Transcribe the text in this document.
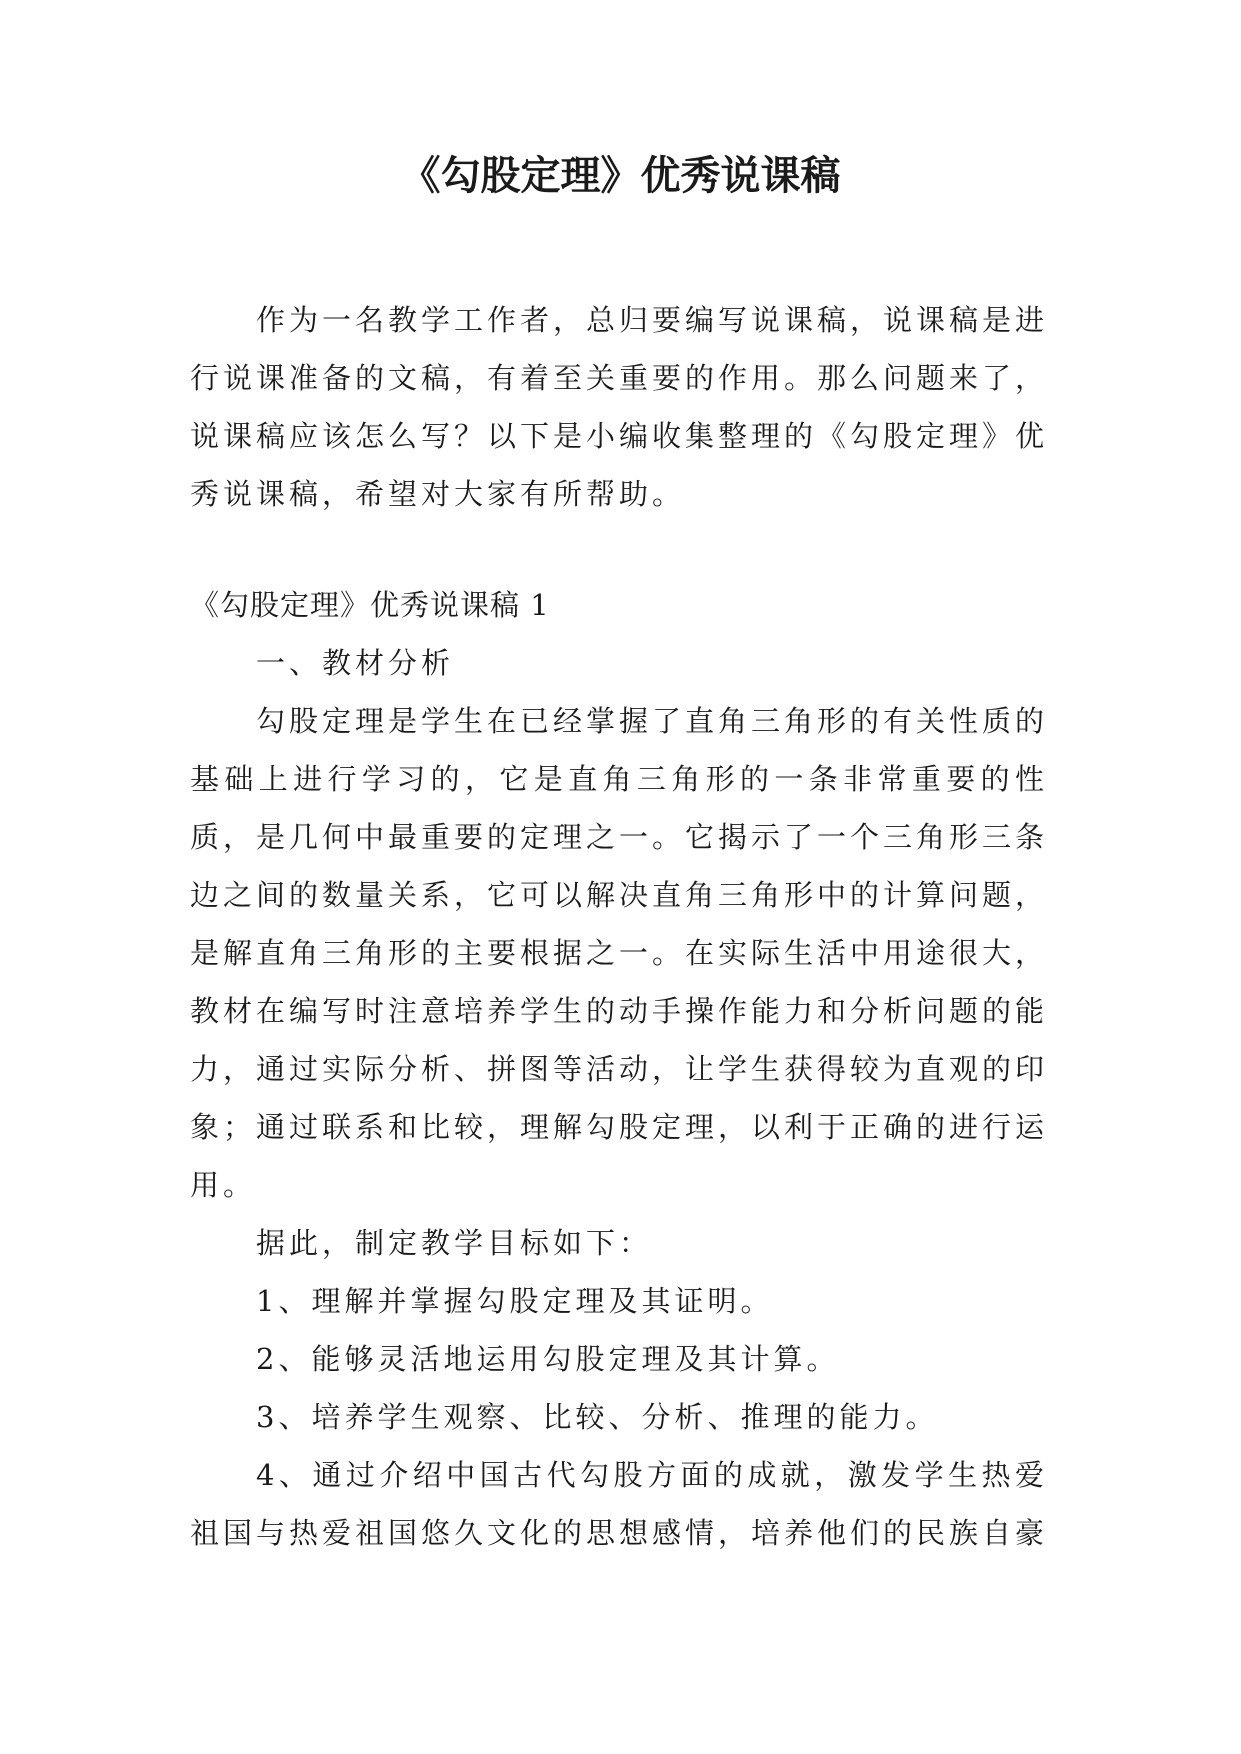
《勾股定理》优秀说课稿

作为一名教学工作者，总归要编写说课稿，说课稿是进行说课准备的文稿，有着至关重要的作用。那么问题来了，说课稿应该怎么写？以下是小编收集整理的《勾股定理》优秀说课稿，希望对大家有所帮助。

《勾股定理》优秀说课稿 1

一、教材分析

勾股定理是学生在已经掌握了直角三角形的有关性质的基础上进行学习的，它是直角三角形的一条非常重要的性质，是几何中最重要的定理之一。它揭示了一个三角形三条边之间的数量关系，它可以解决直角三角形中的计算问题，是解直角三角形的主要根据之一。在实际生活中用途很大，教材在编写时注意培养学生的动手操作能力和分析问题的能力，通过实际分析、拼图等活动，让学生获得较为直观的印象；通过联系和比较，理解勾股定理，以利于正确的进行运用。

据此，制定教学目标如下：

1、理解并掌握勾股定理及其证明。

2、能够灵活地运用勾股定理及其计算。

3、培养学生观察、比较、分析、推理的能力。

4、通过介绍中国古代勾股方面的成就，激发学生热爱祖国与热爱祖国悠久文化的思想感情，培养他们的民族自豪
